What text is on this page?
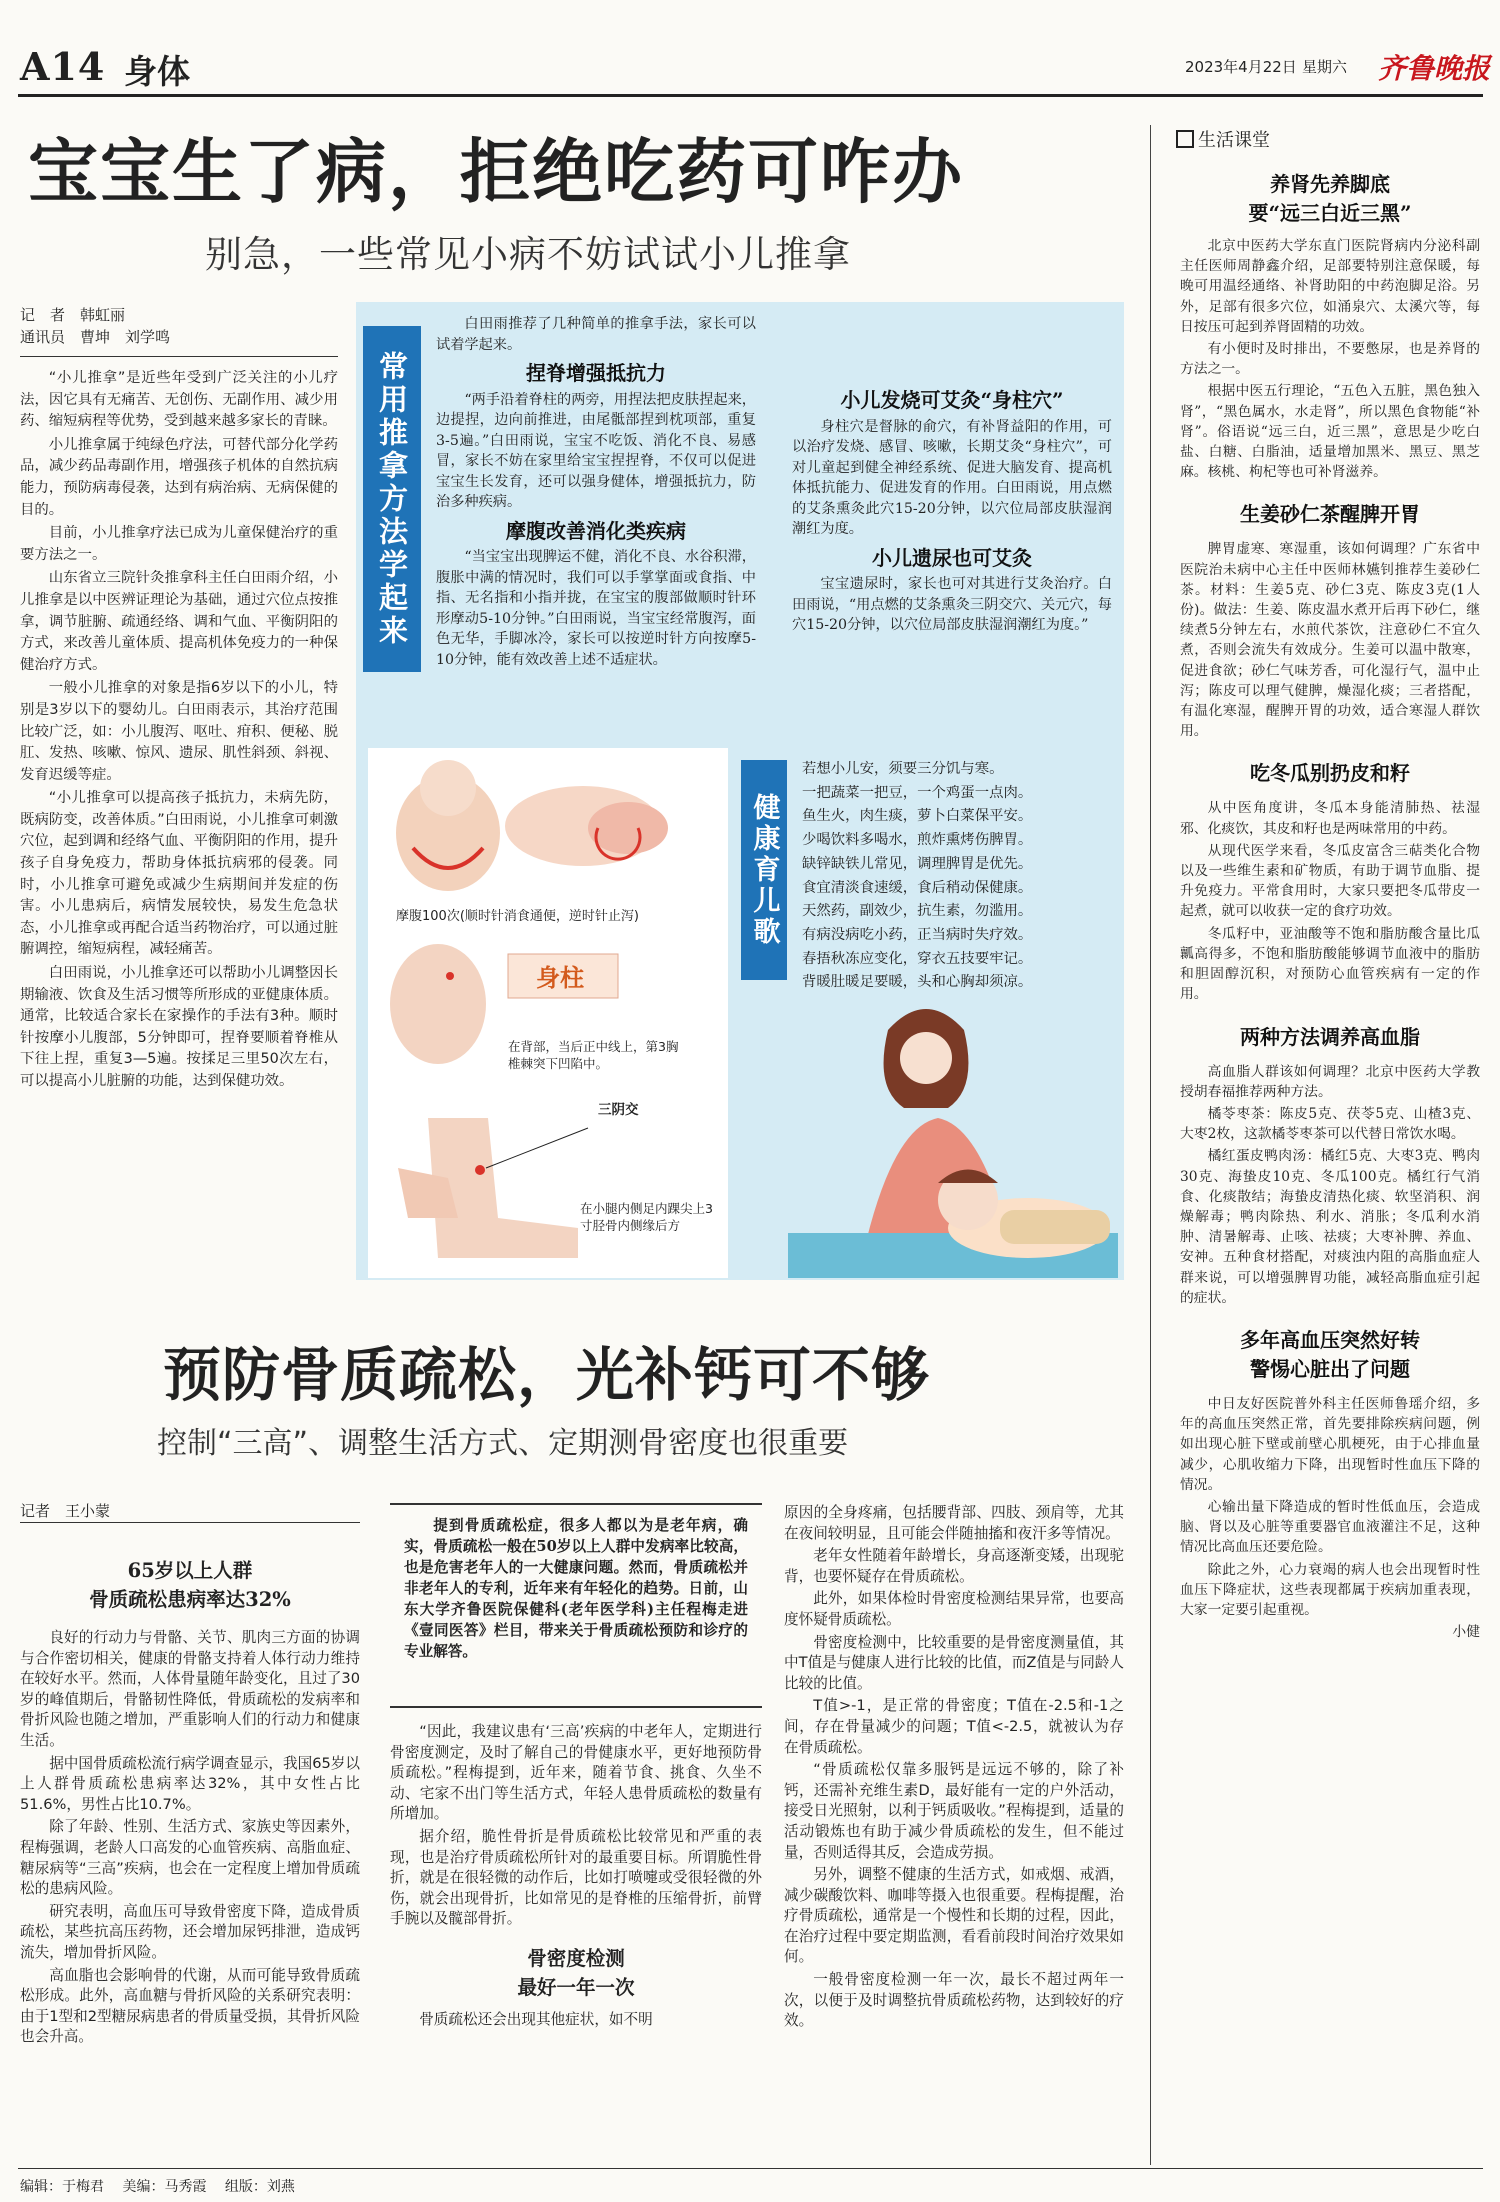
A14 身体	2023年4月22日 星期六 齐鲁晚报
宝宝生了病，拒绝吃药可咋办
别急，一些常见小病不妨试试小儿推拿
记　者　 韩虹丽
通讯员　 曹坤　刘学鸣

“小儿推拿”是近些年受到广泛关注的小儿疗法，因它具有无痛苦、无创伤、无副作用、减少用药、缩短病程等优势，受到越来越多家长的青睐。

小儿推拿属于纯绿色疗法，可替代部分化学药品，减少药品毒副作用，增强孩子机体的自然抗病能力，预防病毒侵袭，达到有病治病、无病保健的目的。

目前，小儿推拿疗法已成为儿童保健治疗的重要方法之一。

山东省立三院针灸推拿科主任白田雨介绍，小儿推拿是以中医辨证理论为基础，通过穴位点按推拿，调节脏腑、疏通经络、调和气血、平衡阴阳的方式，来改善儿童体质、提高机体免疫力的一种保健治疗方式。

一般小儿推拿的对象是指6岁以下的小儿，特别是3岁以下的婴幼儿。白田雨表示，其治疗范围比较广泛，如：小儿腹泻、呕吐、疳积、便秘、脱肛、发热、咳嗽、惊风、遗尿、肌性斜颈、斜视、发育迟缓等症。

“小儿推拿可以提高孩子抵抗力，未病先防，既病防变，改善体质。”白田雨说，小儿推拿可刺激穴位，起到调和经络气血、平衡阴阳的作用，提升孩子自身免疫力，帮助身体抵抗病邪的侵袭。同时，小儿推拿可避免或减少生病期间并发症的伤害。小儿患病后，病情发展较快，易发生危急状态，小儿推拿或再配合适当药物治疗，可以通过脏腑调控，缩短病程，减轻痛苦。

白田雨说，小儿推拿还可以帮助小儿调整因长期输液、饮食及生活习惯等所形成的亚健康体质。通常，比较适合家长在家操作的手法有3种。顺时针按摩小儿腹部，5分钟即可，捏脊要顺着脊椎从下往上捏，重复3—5遍。按揉足三里50次左右，可以提高小儿脏腑的功能，达到保健功效。

常用推拿方法学起来

白田雨推荐了几种简单的推拿手法，家长可以试着学起来。

捏脊增强抵抗力

“两手沿着脊柱的两旁，用捏法把皮肤捏起来，边提捏，边向前推进，由尾骶部捏到枕项部，重复3-5遍。”白田雨说，宝宝不吃饭、消化不良、易感冒，家长不妨在家里给宝宝捏捏脊，不仅可以促进宝宝生长发育，还可以强身健体，增强抵抗力，防治多种疾病。

摩腹改善消化类疾病

“当宝宝出现脾运不健，消化不良、水谷积滞，腹胀中满的情况时，我们可以手掌掌面或食指、中指、无名指和小指并拢，在宝宝的腹部做顺时针环形摩动5-10分钟。”白田雨说，当宝宝经常腹泻，面色无华，手脚冰冷，家长可以按逆时针方向按摩5-10分钟，能有效改善上述不适症状。

小儿发烧可艾灸“身柱穴”

身柱穴是督脉的俞穴，有补肾益阳的作用，可以治疗发烧、感冒、咳嗽，长期艾灸“身柱穴”，可对儿童起到健全神经系统、促进大脑发育、提高机体抵抗能力、促进发育的作用。白田雨说，用点燃的艾条熏灸此穴15-20分钟，以穴位局部皮肤湿润潮红为度。

小儿遗尿也可艾灸

宝宝遗尿时，家长也可对其进行艾灸治疗。白田雨说，“用点燃的艾条熏灸三阴交穴、关元穴，每穴15-20分钟，以穴位局部皮肤湿润潮红为度。”

摩腹100次(顺时针消食通便，逆时针止泻)
身柱
在背部，当后正中线上，第3胸椎棘突下凹陷中。
三阴交
在小腿内侧足内踝尖上3寸胫骨内侧缘后方
健康育儿歌
若想小儿安，须要三分饥与寒。
一把蔬菜一把豆，一个鸡蛋一点肉。
鱼生火，肉生痰，萝卜白菜保平安。
少喝饮料多喝水，煎炸熏烤伤脾胃。
缺锌缺铁儿常见，调理脾胃是优先。
食宜清淡食速缓，食后稍动保健康。
天然药，副效少，抗生素，勿滥用。
有病没病吃小药，正当病时失疗效。
春捂秋冻应变化，穿衣五技要牢记。
背暖肚暖足要暖，头和心胸却须凉。
预防骨质疏松，光补钙可不够
控制“三高”、调整生活方式、定期测骨密度也很重要
记者　 王小蒙
65岁以上人群
骨质疏松患病率达32%

良好的行动力与骨骼、关节、肌肉三方面的协调与合作密切相关，健康的骨骼支持着人体行动力维持在较好水平。然而，人体骨量随年龄变化，且过了30岁的峰值期后，骨骼韧性降低，骨质疏松的发病率和骨折风险也随之增加，严重影响人们的行动力和健康生活。

据中国骨质疏松流行病学调查显示，我国65岁以上人群骨质疏松患病率达32%，其中女性占比51.6%，男性占比10.7%。

除了年龄、性别、生活方式、家族史等因素外，程梅强调，老龄人口高发的心血管疾病、高脂血症、糖尿病等“三高”疾病，也会在一定程度上增加骨质疏松的患病风险。

研究表明，高血压可导致骨密度下降，造成骨质疏松，某些抗高压药物，还会增加尿钙排泄，造成钙流失，增加骨折风险。

高血脂也会影响骨的代谢，从而可能导致骨质疏松形成。此外，高血糖与骨折风险的关系研究表明：由于1型和2型糖尿病患者的骨质量受损，其骨折风险也会升高。

提到骨质疏松症，很多人都以为是老年病，确实，骨质疏松一般在50岁以上人群中发病率比较高，也是危害老年人的一大健康问题。然而，骨质疏松并非老年人的专利，近年来有年轻化的趋势。日前，山东大学齐鲁医院保健科(老年医学科)主任程梅走进《壹同医答》栏目，带来关于骨质疏松预防和诊疗的专业解答。

“因此，我建议患有‘三高’疾病的中老年人，定期进行骨密度测定，及时了解自己的骨健康水平，更好地预防骨质疏松。”程梅提到，近年来，随着节食、挑食、久坐不动、宅家不出门等生活方式，年轻人患骨质疏松的数量有所增加。

据介绍，脆性骨折是骨质疏松比较常见和严重的表现，也是治疗骨质疏松所针对的最重要目标。所谓脆性骨折，就是在很轻微的动作后，比如打喷嚏或受很轻微的外伤，就会出现骨折，比如常见的是脊椎的压缩骨折，前臂手腕以及髋部骨折。

骨密度检测
最好一年一次

骨质疏松还会出现其他症状，如不明

原因的全身疼痛，包括腰背部、四肢、颈肩等，尤其在夜间较明显，且可能会伴随抽搐和夜汗多等情况。

老年女性随着年龄增长，身高逐渐变矮，出现驼背，也要怀疑存在骨质疏松。

此外，如果体检时骨密度检测结果异常，也要高度怀疑骨质疏松。

骨密度检测中，比较重要的是骨密度测量值，其中T值是与健康人进行比较的比值，而Z值是与同龄人比较的比值。

T值>-1，是正常的骨密度；T值在-2.5和-1之间，存在骨量减少的问题；T值<-2.5，就被认为存在骨质疏松。

“骨质疏松仅靠多服钙是远远不够的，除了补钙，还需补充维生素D，最好能有一定的户外活动，接受日光照射，以利于钙质吸收。”程梅提到，适量的活动锻炼也有助于减少骨质疏松的发生，但不能过量，否则适得其反，会造成劳损。

另外，调整不健康的生活方式，如戒烟、戒酒，减少碳酸饮料、咖啡等摄入也很重要。程梅提醒，治疗骨质疏松，通常是一个慢性和长期的过程，因此，在治疗过程中要定期监测，看看前段时间治疗效果如何。

一般骨密度检测一年一次，最长不超过两年一次，以便于及时调整抗骨质疏松药物，达到较好的疗效。

生活课堂
养肾先养脚底
要“远三白近三黑”

北京中医药大学东直门医院肾病内分泌科副主任医师周静鑫介绍，足部要特别注意保暖，每晚可用温经通络、补肾助阳的中药泡脚足浴。另外，足部有很多穴位，如涌泉穴、太溪穴等，每日按压可起到养肾固精的功效。

有小便时及时排出，不要憋尿，也是养肾的方法之一。

根据中医五行理论，“五色入五脏，黑色独入肾”，“黑色属水，水走肾”，所以黑色食物能“补肾”。俗语说“远三白，近三黑”，意思是少吃白盐、白糖、白脂油，适量增加黑米、黑豆、黑芝麻。核桃、枸杞等也可补肾滋养。

生姜砂仁茶醒脾开胃

脾胃虚寒、寒湿重，该如何调理？广东省中医院治未病中心主任中医师林嬿钊推荐生姜砂仁茶。材料：生姜5克、砂仁3克、陈皮3克(1人份)。做法：生姜、陈皮温水煮开后再下砂仁，继续煮5分钟左右，水煎代茶饮，注意砂仁不宜久煮，否则会流失有效成分。生姜可以温中散寒，促进食欲；砂仁气味芳香，可化湿行气，温中止泻；陈皮可以理气健脾，燥湿化痰；三者搭配，有温化寒湿，醒脾开胃的功效，适合寒湿人群饮用。

吃冬瓜别扔皮和籽

从中医角度讲，冬瓜本身能清肺热、祛湿邪、化痰饮，其皮和籽也是两味常用的中药。

从现代医学来看，冬瓜皮富含三萜类化合物以及一些维生素和矿物质，有助于调节血脂、提升免疫力。平常食用时，大家只要把冬瓜带皮一起煮，就可以收获一定的食疗功效。

冬瓜籽中，亚油酸等不饱和脂肪酸含量比瓜瓤高得多，不饱和脂肪酸能够调节血液中的脂肪和胆固醇沉积，对预防心血管疾病有一定的作用。

两种方法调养高血脂

高血脂人群该如何调理？北京中医药大学教授胡春福推荐两种方法。

橘苓枣茶：陈皮5克、茯苓5克、山楂3克、大枣2枚，这款橘苓枣茶可以代替日常饮水喝。

橘红蛋皮鸭肉汤：橘红5克、大枣3克、鸭肉30克、海蛰皮10克、冬瓜100克。橘红行气消食、化痰散结；海蛰皮清热化痰、软坚消积、润燥解毒；鸭肉除热、利水、消胀；冬瓜利水消肿、清暑解毒、止咳、祛痰；大枣补脾、养血、安神。五种食材搭配，对痰浊内阻的高脂血症人群来说，可以增强脾胃功能，减轻高脂血症引起的症状。

多年高血压突然好转
警惕心脏出了问题

中日友好医院普外科主任医师鲁瑶介绍，多年的高血压突然正常，首先要排除疾病问题，例如出现心脏下壁或前壁心肌梗死，由于心排血量减少，心肌收缩力下降，出现暂时性血压下降的情况。

心输出量下降造成的暂时性低血压，会造成脑、肾以及心脏等重要器官血液灌注不足，这种情况比高血压还要危险。

除此之外，心力衰竭的病人也会出现暂时性血压下降症状，这些表现都属于疾病加重表现，大家一定要引起重视。

小健
编辑：于梅君　 美编：马秀霞　 组版：刘燕
